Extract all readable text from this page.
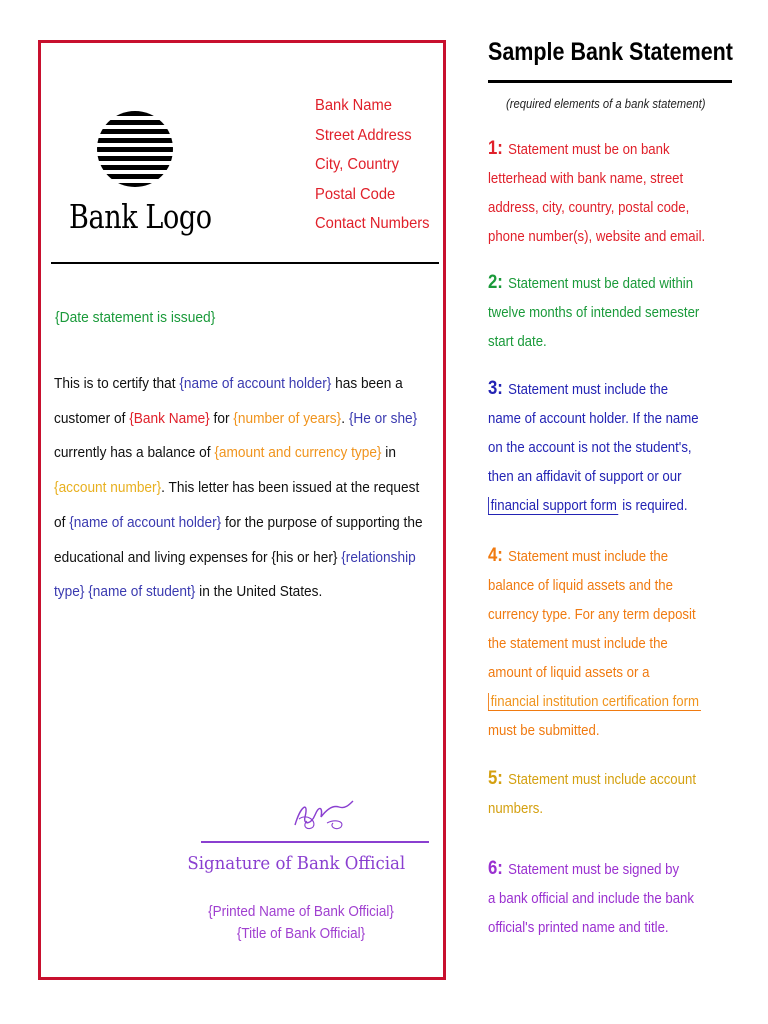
Bank Logo
Bank Name
Street Address
City, Country
Postal Code
Contact Numbers
{Date statement is issued}
This is to certify that {name of account holder} has been a
customer of {Bank Name} for {number of years}. {He or she}
currently has a balance of {amount and currency type} in
{account number}. This letter has been issued at the request
of {name of account holder} for the purpose of supporting the
educational and living expenses for {his or her} {relationship
type} {name of student} in the United States.
Signature of Bank Official
{Printed Name of Bank Official}
{Title of Bank Official}
Sample Bank Statement
(required elements of a bank statement)
1: Statement must be on bank
letterhead with bank name, street
address, city, country, postal code,
phone number(s), website and email.
2: Statement must be dated within
twelve months of intended semester
start date.
3: Statement must include the
name of account holder. If the name
on the account is not the student's,
then an affidavit of support or our
financial support form is required.
4: Statement must include the
balance of liquid assets and the
currency type. For any term deposit
the statement must include the
amount of liquid assets or a
financial institution certification form
must be submitted.
5: Statement must include account
numbers.
6: Statement must be signed by
a bank official and include the bank
official's printed name and title.
